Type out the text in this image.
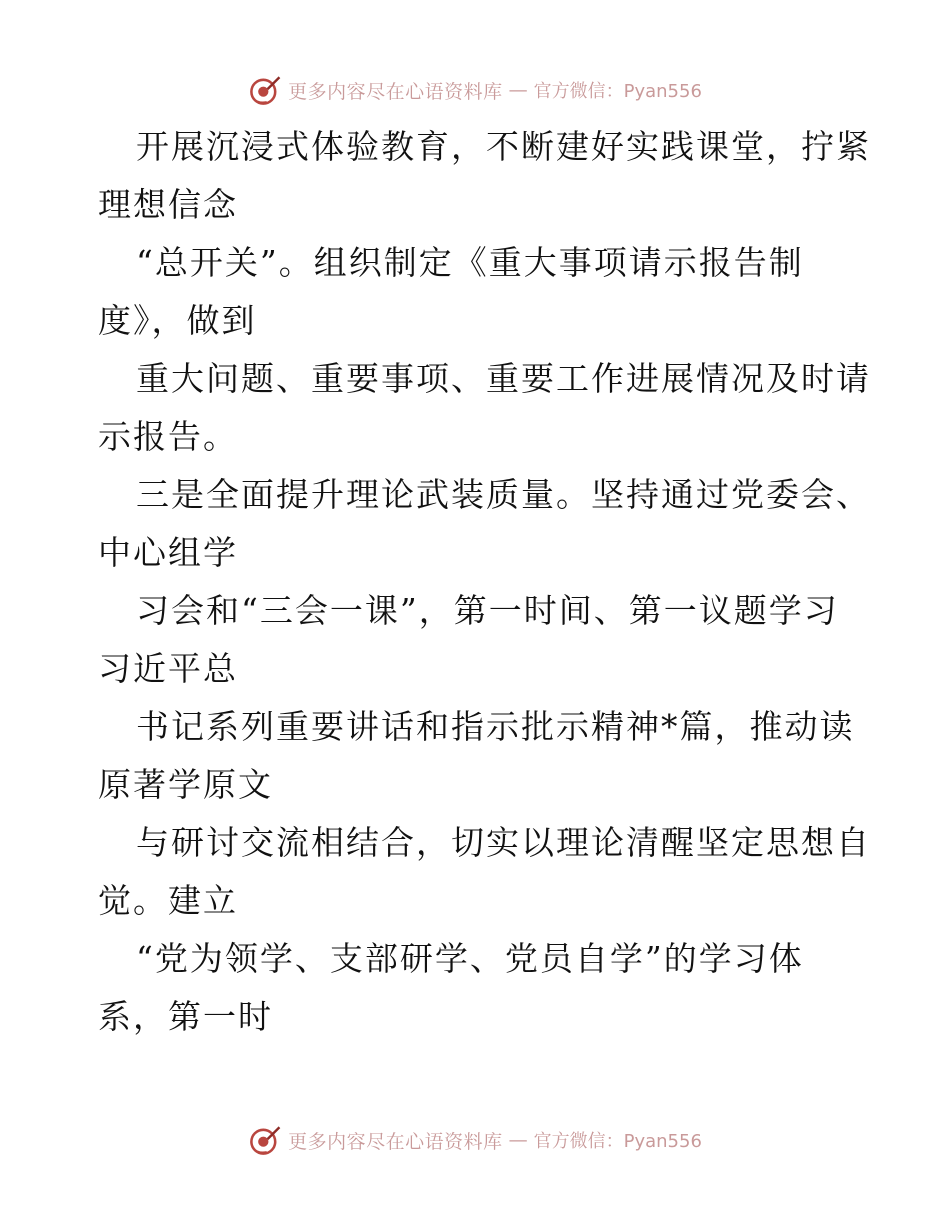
更多内容尽在心语资料库 — 官方微信：Pyan556
开展沉浸式体验教育，不断建好实践课堂，拧紧
理想信念
“总开关”。组织制定《重大事项请示报告制
度》，做到
重大问题、重要事项、重要工作进展情况及时请
示报告。
三是全面提升理论武装质量。坚持通过党委会、
中心组学
习会和“三会一课”，第一时间、第一议题学习
习近平总
书记系列重要讲话和指示批示精神*篇，推动读
原著学原文
与研讨交流相结合，切实以理论清醒坚定思想自
觉。建立
“党为领学、支部研学、党员自学”的学习体
系，第一时
更多内容尽在心语资料库 — 官方微信：Pyan556
